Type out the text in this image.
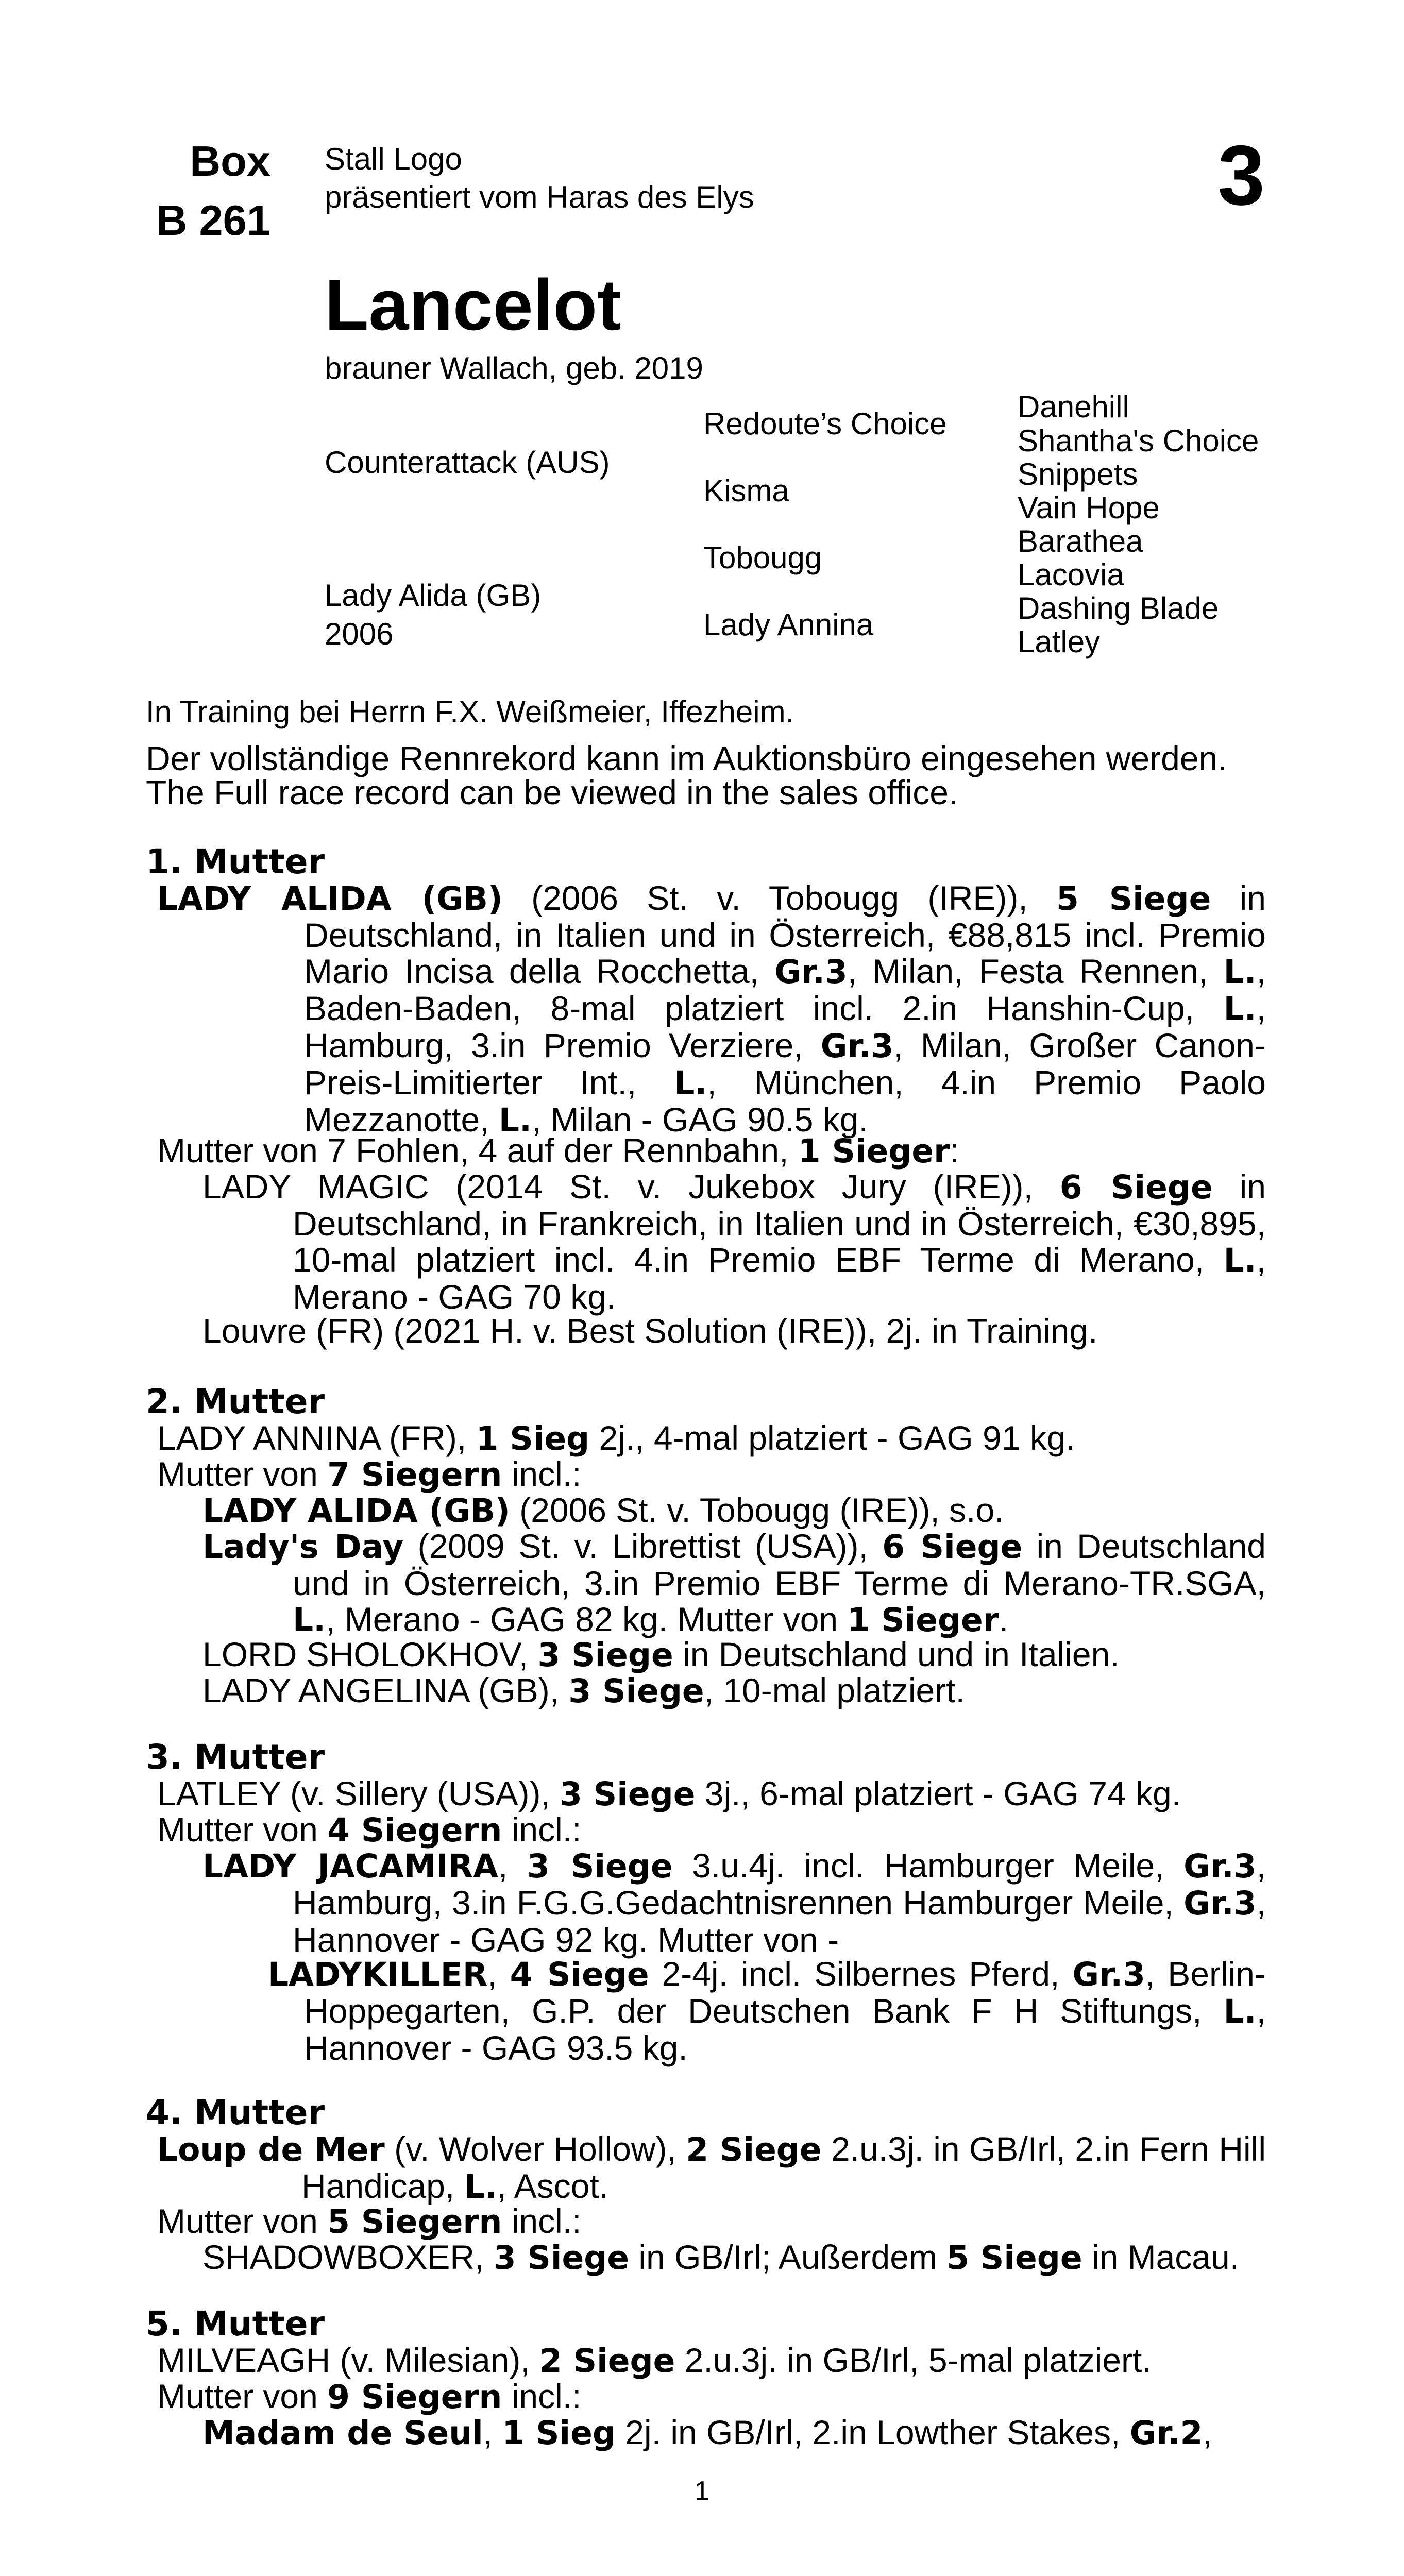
Box
B 261	3
Stall Logo
präsentiert vom Haras des Elys
Lancelot
brauner Wallach, geb. 2019
Counterattack (AUS)
Lady Alida (GB)
2006
Redoute’s Choice
Kisma
Tobougg
Lady Annina
Danehill
Shantha's Choice
Snippets
Vain Hope
Barathea
Lacovia
Dashing Blade
Latley
In Training bei Herrn F.X. Weißmeier, Iffezheim.
Der vollständige Rennrekord kann im Auktionsbüro eingesehen werden.
The Full race record can be viewed in the sales office.
1. Mutter
LADY ALIDA (GB) (2006 St. v. Tobougg (IRE)), 5 Siege in Deutschland, in Italien und in Österreich, €88,815 incl. Premio Mario Incisa della Rocchetta, Gr.3, Milan, Festa Rennen, L., Baden-Baden, 8-mal platziert incl. 2.in Hanshin-Cup, L., Hamburg, 3.in Premio Verziere, Gr.3, Milan, Großer Canon-Preis-Limitierter Int., L., München, 4.in Premio Paolo Mezzanotte, L., Milan - GAG 90.5 kg.
Mutter von 7 Fohlen, 4 auf der Rennbahn, 1 Sieger:
LADY MAGIC (2014 St. v. Jukebox Jury (IRE)), 6 Siege in Deutschland, in Frankreich, in Italien und in Österreich, €30,895, 10-mal platziert incl. 4.in Premio EBF Terme di Merano, L., Merano - GAG 70 kg.
Louvre (FR) (2021 H. v. Best Solution (IRE)), 2j. in Training.
2. Mutter
LADY ANNINA (FR), 1 Sieg 2j., 4-mal platziert - GAG 91 kg.
Mutter von 7 Siegern incl.:
LADY ALIDA (GB) (2006 St. v. Tobougg (IRE)), s.o.
Lady's Day (2009 St. v. Librettist (USA)), 6 Siege in Deutschland und in Österreich, 3.in Premio EBF Terme di Merano-TR.SGA, L., Merano - GAG 82 kg. Mutter von 1 Sieger.
LORD SHOLOKHOV, 3 Siege in Deutschland und in Italien.
LADY ANGELINA (GB), 3 Siege, 10-mal platziert.
3. Mutter
LATLEY (v. Sillery (USA)), 3 Siege 3j., 6-mal platziert - GAG 74 kg.
Mutter von 4 Siegern incl.:
LADY JACAMIRA, 3 Siege 3.u.4j. incl. Hamburger Meile, Gr.3, Hamburg, 3.in F.G.G.Gedachtnisrennen Hamburger Meile, Gr.3, Hannover - GAG 92 kg. Mutter von -
LADYKILLER, 4 Siege 2-4j. incl. Silbernes Pferd, Gr.3, Berlin-Hoppegarten, G.P. der Deutschen Bank F H Stiftungs, L., Hannover - GAG 93.5 kg.
4. Mutter
Loup de Mer (v. Wolver Hollow), 2 Siege 2.u.3j. in GB/Irl, 2.in Fern Hill Handicap, L., Ascot.
Mutter von 5 Siegern incl.:
SHADOWBOXER, 3 Siege in GB/Irl; Außerdem 5 Siege in Macau.
5. Mutter
MILVEAGH (v. Milesian), 2 Siege 2.u.3j. in GB/Irl, 5-mal platziert.
Mutter von 9 Siegern incl.:
Madam de Seul, 1 Sieg 2j. in GB/Irl, 2.in Lowther Stakes, Gr.2,
1
